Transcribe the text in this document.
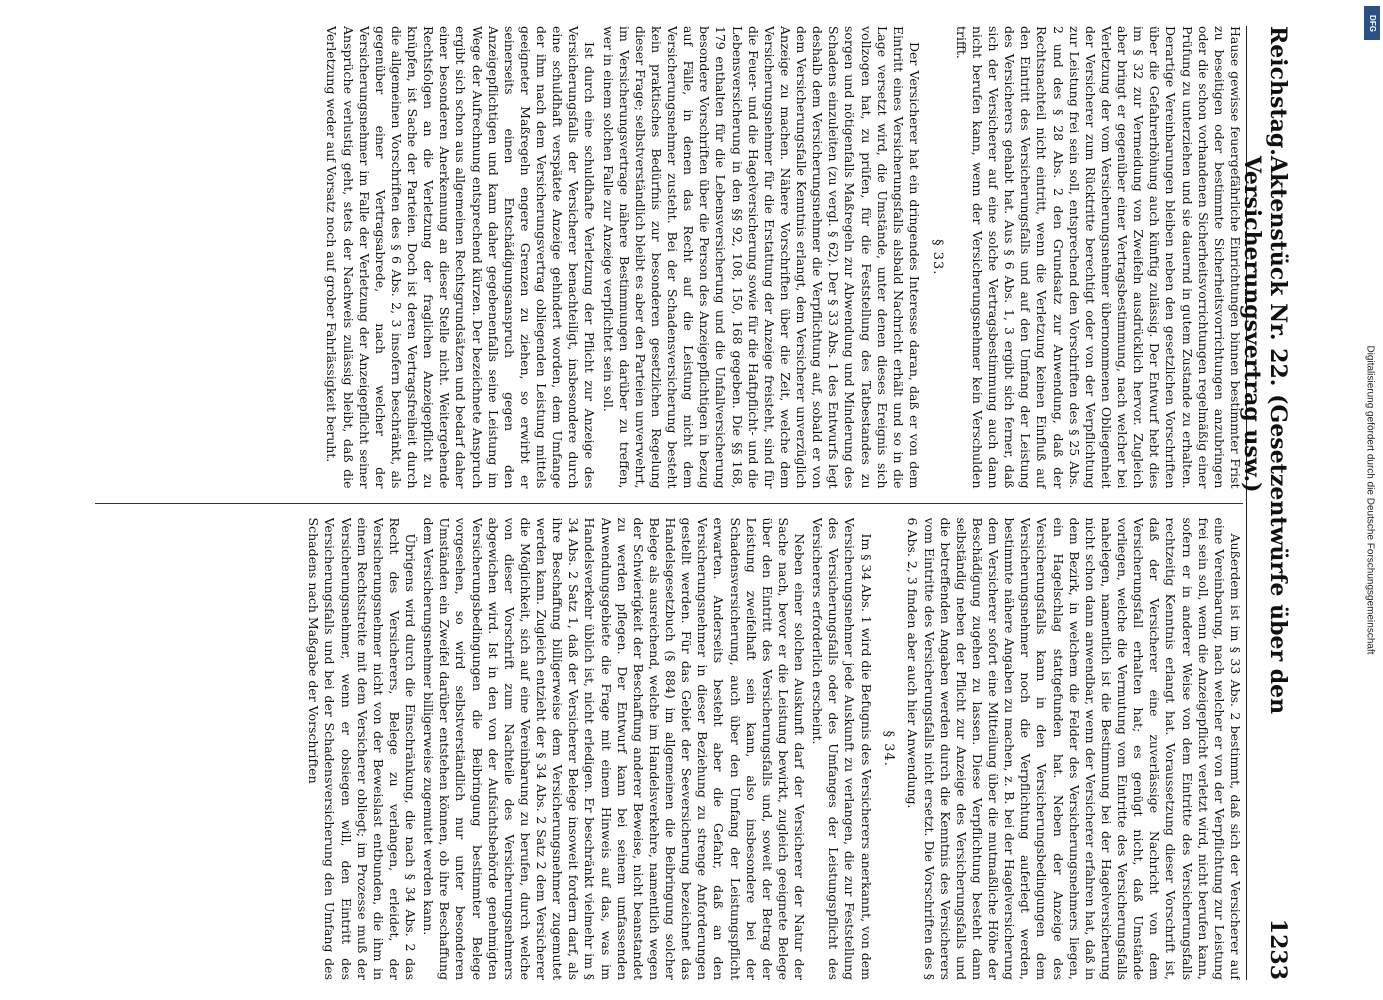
Reichstag.
Aktenstück Nr. 22. (Gesetzentwürfe über den Versicherungsvertrag usw.)
1233

Hause gewisse feuergefährliche Einrichtungen binnen bestimmter Frist zu beseitigen oder bestimmte Sicherheitsvorrichtungen anzubringen oder die schon vorhandenen Sicherheitsvorrichtungen regelmäßig einer Prüfung zu unterziehen und sie dauernd in gutem Zustande zu erhalten. Derartige Vereinbarungen bleiben neben den gesetzlichen Vorschriften über die Gefahrerhöhung auch künftig zulässig. Der Entwurf hebt dies im § 32 zur Vermeidung von Zweifeln ausdrücklich hervor. Zugleich aber bringt er gegenüber einer Vertragsbestimmung, nach welcher bei Verletzung der vom Versicherungsnehmer übernommenen Obliegenheit der Versicherer zum Rücktritte berechtigt oder von der Verpflichtung zur Leistung frei sein soll, entsprechend den Vorschriften des § 25 Abs. 2 und des § 28 Abs. 2 den Grundsatz zur Anwendung, daß der Rechtsnachteil nicht eintritt, wenn die Verletzung keinen Einfluß auf den Eintritt des Versicherungsfalls und auf den Umfang der Leistung des Versicherers gehabt hat. Aus § 6 Abs. 1, 3 ergibt sich ferner, daß sich der Versicherer auf eine solche Vertragsbestimmung auch dann nicht berufen kann, wenn der Versicherungsnehmer kein Verschulden trifft.

§ 33.

Der Versicherer hat ein dringendes Interesse daran, daß er von dem Eintritt eines Versicherungsfalls alsbald Nachricht erhält und so in die Lage versetzt wird, die Umstände, unter denen dieses Ereignis sich vollzogen hat, zu prüfen, für die Feststellung des Tatbestandes zu sorgen und nötigenfalls Maßregeln zur Abwendung und Minderung des Schadens einzuleiten (zu vergl. § 62). Der § 33 Abs. 1 des Entwurfs legt deshalb dem Versicherungsnehmer die Verpflichtung auf, sobald er von dem Versicherungsfalle Kenntnis erlangt, dem Versicherer unverzüglich Anzeige zu machen. Nähere Vorschriften über die Zeit, welche dem Versicherungsnehmer für die Erstattung der Anzeige freisteht, sind für die Feuer- und die Hagelversicherung sowie für die Haftpflicht- und die Lebensversicherung in den §§ 92, 108, 150, 168 gegeben. Die §§ 168, 179 enthalten für die Lebensversicherung und die Unfallversicherung besondere Vorschriften über die Person des Anzeigepflichtigen in bezug auf Fälle, in denen das Recht auf die Leistung nicht dem Versicherungsnehmer zusteht. Bei der Schadensversicherung besteht kein praktisches Bedürfnis zur besonderen gesetzlichen Regelung dieser Frage; selbstverständlich bleibt es aber den Parteien unverwehrt, im Versicherungsvertrage nähere Bestimmungen darüber zu treffen, wer in einem solchen Falle zur Anzeige verpflichtet sein soll.

Ist durch eine schuldhafte Verletzung der Pflicht zur Anzeige des Versicherungsfalls der Versicherer benachteiligt, insbesondere durch eine schuldhaft verspätete Anzeige gehindert worden, dem Umfange der ihm nach dem Versicherungsvertrag obliegenden Leistung mittels geeigneter Maßregeln engere Grenzen zu ziehen, so erwirbt er seinerseits einen Entschädigungsanspruch gegen den Anzeigepflichtigen und kann daher gegebenenfalls seine Leistung im Wege der Aufrechnung entsprechend kürzen. Der bezeichnete Anspruch ergibt sich schon aus allgemeinen Rechtsgrundsätzen und bedarf daher einer besonderen Anerkennung an dieser Stelle nicht. Weitergehende Rechtsfolgen an die Verletzung der fraglichen Anzeigepflicht zu knüpfen, ist Sache der Parteien. Doch ist deren Vertragsfreiheit durch die allgemeinen Vorschriften des § 6 Abs. 2, 3 insofern beschränkt, als gegenüber einer Vertragsabrede, nach welcher der Versicherungsnehmer im Falle der Verletzung der Anzeigepflicht seiner Ansprüche verlustig geht, stets der Nachweis zulässig bleibt, daß die Verletzung weder auf Vorsatz noch auf grober Fahrlässigkeit beruht.

Außerdem ist im § 33 Abs. 2 bestimmt, daß sich der Versicherer auf eine Vereinbarung, nach welcher er von der Verpflichtung zur Leistung frei sein soll, wenn die Anzeigepflicht verletzt wird, nicht berufen kann, sofern er in anderer Weise von dem Eintritte des Versicherungsfalls rechtzeitig Kenntnis erlangt hat. Voraussetzung dieser Vorschrift ist, daß der Versicherer eine zuverlässige Nachricht von dem Versicherungsfall erhalten hat; es genügt nicht, daß Umstände vorliegen, welche die Vermutung vom Eintritte des Versicherungsfalls nahelegen, namentlich ist die Bestimmung bei der Hagelversicherung nicht schon dann anwendbar, wenn der Versicherer erfahren hat, daß in dem Bezirk, in welchem die Felder des Versicherungsnehmers liegen, ein Hagelschlag stattgefunden hat. Neben der Anzeige des Versicherungsfalls kann in den Versicherungsbedingungen dem Versicherungsnehmer noch die Verpflichtung auferlegt werden, bestimmte nähere Angaben zu machen, z. B. bei der Hagelversicherung dem Versicherer sofort eine Mitteilung über die mutmaßliche Höhe der Beschädigung zugehen zu lassen. Diese Verpflichtung besteht dann selbständig neben der Pflicht zur Anzeige des Versicherungsfalls und die betreffenden Angaben werden durch die Kenntnis des Versicherers vom Eintritte des Versicherungsfalls nicht ersetzt. Die Vorschriften des § 6 Abs. 2, 3 finden aber auch hier Anwendung.

§ 34.

Im § 34 Abs. 1 wird die Befugnis des Versicherers anerkannt, von dem Versicherungsnehmer jede Auskunft zu verlangen, die zur Feststellung des Versicherungsfalls oder des Umfanges der Leistungspflicht des Versicherers erforderlich erscheint.

Neben einer solchen Auskunft darf der Versicherer der Natur der Sache nach, bevor er die Leistung bewirkt, zugleich geeignete Belege über den Eintritt des Versicherungsfalls und, soweit der Betrag der Leistung zweifelhaft sein kann, also insbesondere bei der Schadensversicherung, auch über den Umfang der Leistungspflicht erwarten. Anderseits besteht aber die Gefahr, daß an den Versicherungsnehmer in dieser Beziehung zu strenge Anforderungen gestellt werden. Für das Gebiet der Seeversicherung bezeichnet das Handelsgesetzbuch (§ 884) im allgemeinen die Beibringung solcher Belege als ausreichend, welche im Handelsverkehre, namentlich wegen der Schwierigkeit der Beschaffung anderer Beweise, nicht beanstandet zu werden pflegen. Der Entwurf kann bei seinem umfassenden Anwendungsgebiete die Frage mit einem Hinweis auf das, was im Handelsverkehr üblich ist, nicht erledigen. Er beschränkt vielmehr im § 34 Abs. 2 Satz 1, daß der Versicherer Belege insoweit fordern darf, als ihre Beschaffung billigerweise dem Versicherungsnehmer zugemutet werden kann. Zugleich entzieht der § 34 Abs. 2 Satz 2 dem Versicherer die Möglichkeit, sich auf eine Vereinbarung zu berufen, durch welche von dieser Vorschrift zum Nachteile des Versicherungsnehmers abgewichen wird. Ist in den von der Aufsichtsbehörde genehmigten Versicherungsbedingungen die Beibringung bestimmter Belege vorgesehen, so wird selbstverständlich nur unter besonderen Umständen ein Zweifel darüber entstehen können, ob ihre Beschaffung dem Versicherungsnehmer billigerweise zugemutet werden kann.

Übrigens wird durch die Einschränkung, die nach § 34 Abs. 2 das Recht des Versicherers, Belege zu verlangen, erleidet, der Versicherungsnehmer nicht von der Beweislast entbunden, die ihm in einem Rechtsstreite mit dem Versicherer obliegt; im Prozesse muß der Versicherungsnehmer, wenn er obsiegen will, den Eintritt des Versicherungsfalls und bei der Schadensversicherung den Umfang des Schadens nach Maßgabe der Vorschriften

DFG
Digitalisierung gefördert durch die Deutsche Forschungsgemeinschaft
